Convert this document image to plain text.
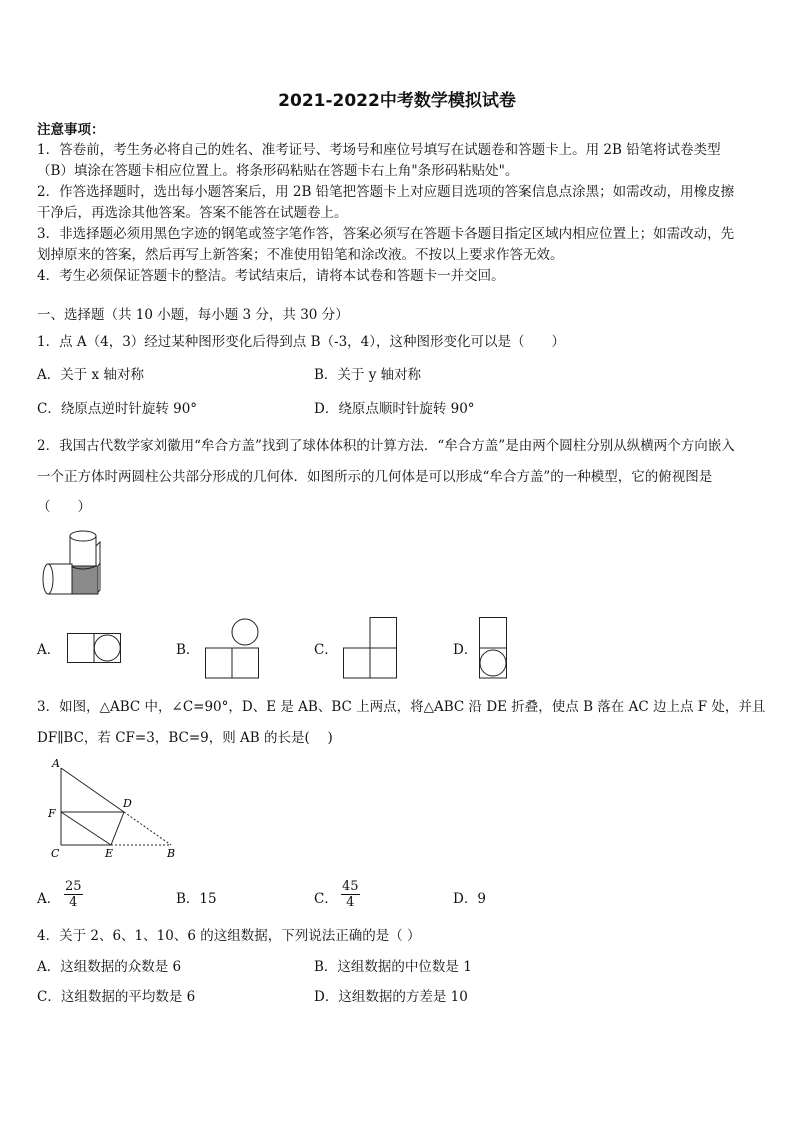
2021-2022中考数学模拟试卷
注意事项：
1．答卷前，考生务必将自己的姓名、准考证号、考场号和座位号填写在试题卷和答题卡上。用 2B 铅笔将试卷类型
（B）填涂在答题卡相应位置上。将条形码粘贴在答题卡右上角"条形码粘贴处"。
2．作答选择题时，选出每小题答案后，用 2B 铅笔把答题卡上对应题目选项的答案信息点涂黑；如需改动，用橡皮擦
干净后，再选涂其他答案。答案不能答在试题卷上。
3．非选择题必须用黑色字迹的钢笔或签字笔作答，答案必须写在答题卡各题目指定区域内相应位置上；如需改动，先
划掉原来的答案，然后再写上新答案；不准使用铅笔和涂改液。不按以上要求作答无效。
4．考生必须保证答题卡的整洁。考试结束后，请将本试卷和答题卡一并交回。
一、选择题（共 10 小题，每小题 3 分，共 30 分）
1．点 A（4，3）经过某种图形变化后得到点 B（-3，4），这种图形变化可以是（　　）
A．关于 x 轴对称	B．关于 y 轴对称
C．绕原点逆时针旋转 90°	D．绕原点顺时针旋转 90°
2．我国古代数学家刘徽用“牟合方盖”找到了球体体积的计算方法．“牟合方盖”是由两个圆柱分别从纵横两个方向嵌入
一个正方体时两圆柱公共部分形成的几何体．如图所示的几何体是可以形成“牟合方盖”的一种模型，它的俯视图是
（　　）
A．	B．	C．	D．
3．如图，△ABC 中，∠C=90°，D、E 是 AB、BC 上两点，将△ABC 沿 DE 折叠，使点 B 落在 AC 边上点 F 处，并且
DF∥BC，若 CF=3，BC=9，则 AB 的长是(　 )
A
F
C	E	B
D
A． $\frac{25}{4}$	B．15	C． $\frac{45}{4}$	D．9
4．关于 2、6、1、10、6 的这组数据，下列说法正确的是（ ）
A．这组数据的众数是 6	B．这组数据的中位数是 1
C．这组数据的平均数是 6	D．这组数据的方差是 10
